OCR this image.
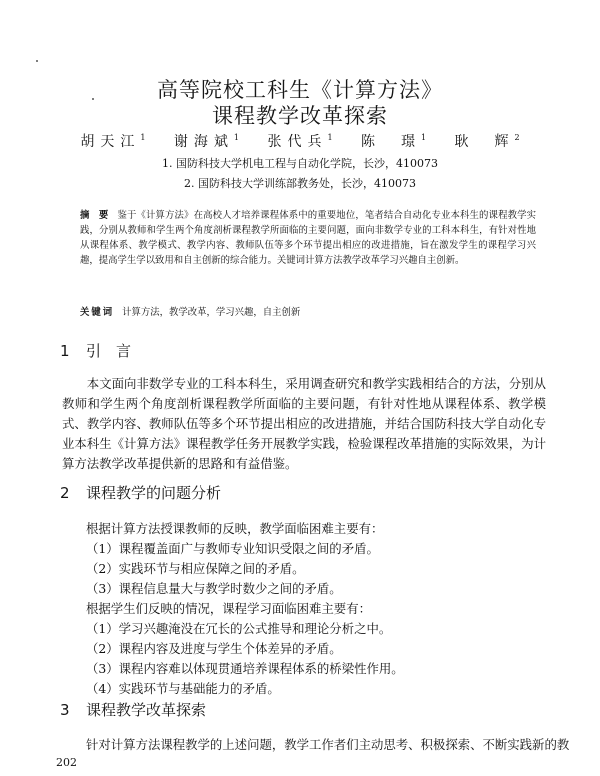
高等院校工科生《计算方法》
课程教学改革探索
胡天江$^1$ 谢海斌$^1$ 张代兵$^1$ 陈　璟$^1$ 耿　辉$^2$
1. 国防科技大学机电工程与自动化学院，长沙，410073
2. 国防科技大学训练部教务处，长沙，410073
摘 要 鉴于《计算方法》在高校人才培养课程体系中的重要地位，笔者结合自动化专业本科生的课程教学实践，分别从教师和学生两个角度剖析课程教学所面临的主要问题，面向非数学专业的工科本科生，有针对性地从课程体系、教学模式、教学内容、教师队伍等多个环节提出相应的改进措施，旨在激发学生的课程学习兴趣，提高学生学以致用和自主创新的综合能力。关键词计算方法教学改革学习兴趣自主创新。
关键词 计算方法，教学改革，学习兴趣，自主创新
1 引　言
本文面向非数学专业的工科本科生，采用调查研究和教学实践相结合的方法，分别从教师和学生两个角度剖析课程教学所面临的主要问题，有针对性地从课程体系、教学模式、教学内容、教师队伍等多个环节提出相应的改进措施，并结合国防科技大学自动化专业本科生《计算方法》课程教学任务开展教学实践，检验课程改革措施的实际效果，为计算方法教学改革提供新的思路和有益借鉴。
2 课程教学的问题分析
根据计算方法授课教师的反映，教学面临困难主要有：
（1）课程覆盖面广与教师专业知识受限之间的矛盾。
（2）实践环节与相应保障之间的矛盾。
（3）课程信息量大与教学时数少之间的矛盾。
根据学生们反映的情况，课程学习面临困难主要有：
（1）学习兴趣淹没在冗长的公式推导和理论分析之中。
（2）课程内容及进度与学生个体差异的矛盾。
（3）课程内容难以体现贯通培养课程体系的桥梁性作用。
（4）实践环节与基础能力的矛盾。
3 课程教学改革探索
针对计算方法课程教学的上述问题，教学工作者们主动思考、积极探索、不断实践新的教
202
